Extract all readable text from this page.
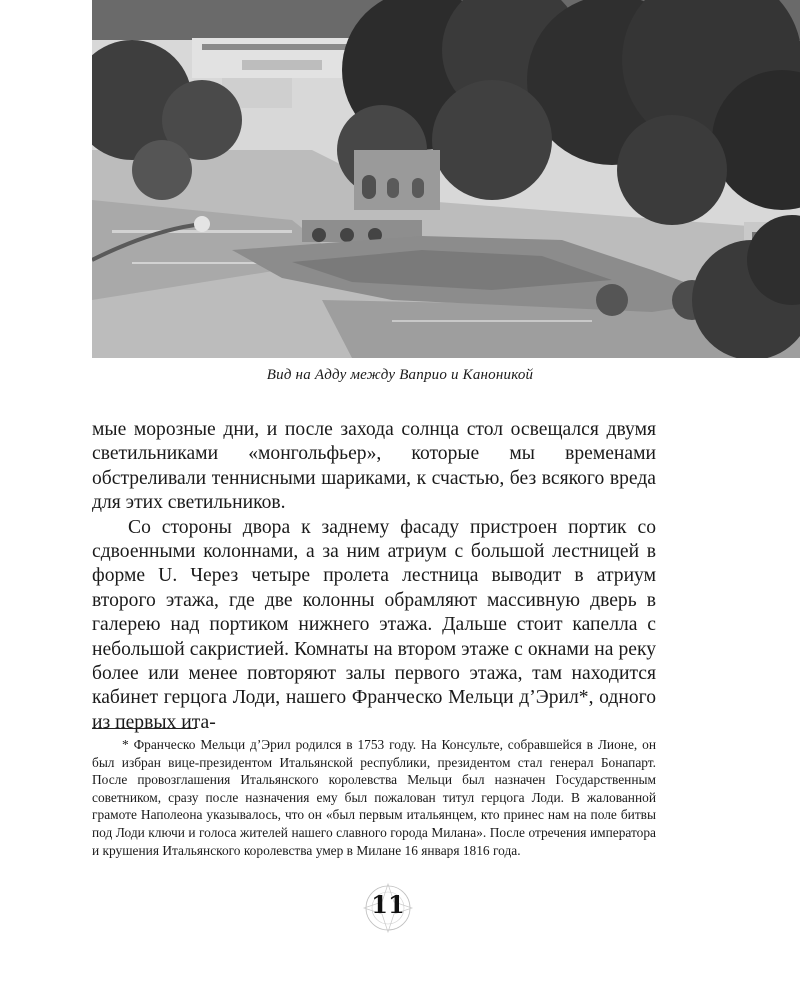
Вид на Адду между Ваприо и Каноникой

мые морозные дни, и после захода солнца стол освещался двумя светильниками «монгольфьер», которые мы временами обстреливали теннисными шариками, к счастью, без всякого вреда для этих светильников.

Со стороны двора к заднему фасаду пристроен портик со сдвоенными колоннами, а за ним атриум с большой лестницей в форме U. Через четыре пролета лестница выводит в атриум второго этажа, где две колонны обрамляют массивную дверь в галерею над портиком нижнего этажа. Дальше стоит капелла с небольшой сакристией. Комнаты на втором этаже с окнами на реку более или менее повторяют залы первого этажа, там находится кабинет герцога Лоди, нашего Франческо Мельци д’Эрил*, одного из первых ита-

* Франческо Мельци д’Эрил родился в 1753 году. На Консульте, собравшейся в Лионе, он был избран вице-президентом Итальянской республики, президентом стал генерал Бонапарт. После провозглашения Итальянского королевства Мельци был назначен Государственным советником, сразу после назначения ему был пожалован титул герцога Лоди. В жалованной грамоте Наполеона указывалось, что он «был первым итальянцем, кто принес нам на поле битвы под Лоди ключи и голоса жителей нашего славного города Милана». После отречения императора и крушения Итальянского королевства умер в Милане 16 января 1816 года.
11
